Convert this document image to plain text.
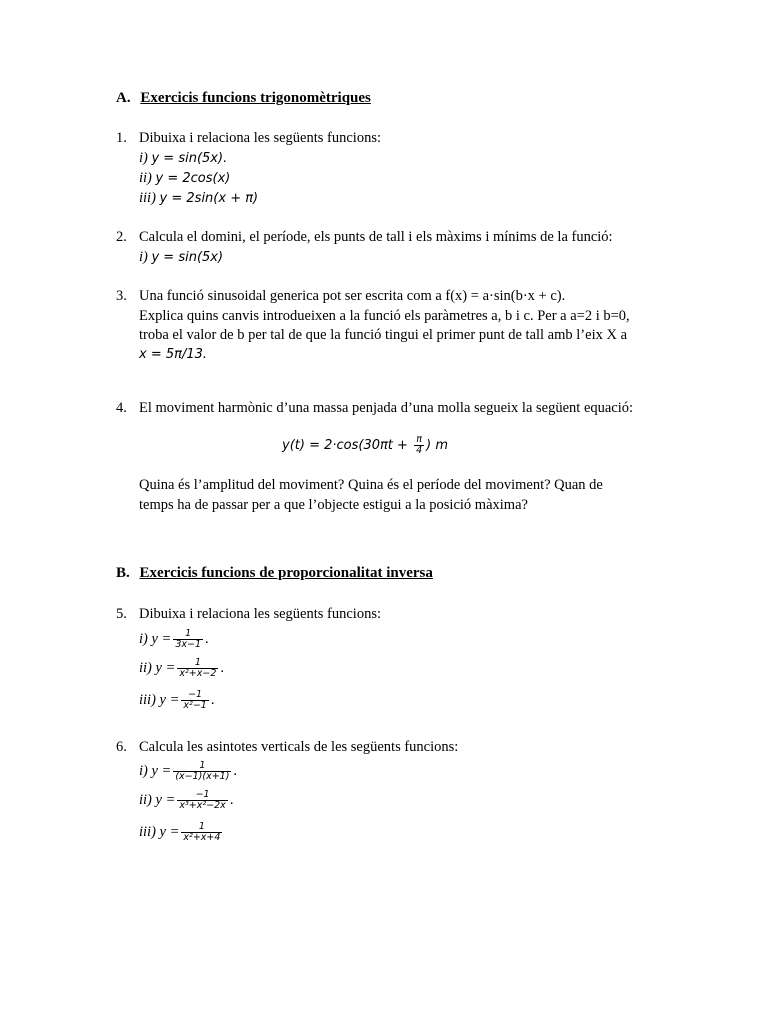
A. Exercicis funcions trigonomètriques
1. Dibuixa i relaciona les següents funcions:
i) y = sin(5x).
ii) y = 2cos(x)
iii) y = 2sin(x + π)
2. Calcula el domini, el període, els punts de tall i els màxims i mínims de la funció:
i) y = sin(5x)
3. Una funció sinusoidal generica pot ser escrita com a f(x) = a·sin(b·x + c).
Explica quins canvis introdueixen a la funció els paràmetres a, b i c. Per a a=2 i b=0,
troba el valor de b per tal de que la funció tingui el primer punt de tall amb l’eix X a
x = 5π/13.
4. El moviment harmònic d’una massa penjada d’una molla segueix la següent equació:
$y(t) = 2\cdot\cos(30\pi t + \frac{\pi}{4}$ ) m
Quina és l’amplitud del moviment? Quina és el període del moviment? Quan de
temps ha de passar per a que l’objecte estigui a la posició màxima?
B. Exercicis funcions de proporcionalitat inversa
5. Dibuixa i relaciona les següents funcions:
i) $y = \frac{1}{3x-1}$ .
ii) $y = \frac{1}{\text{x²+x−2}}$ .
iii) $y = \frac{-1}{\text{x²−1}}$ .
6. Calcula les asintotes verticals de les següents funcions:
i) $y = \frac{1}{(x-1)(x+1)}$ .
ii) $y = \frac{-1}{\text{x³+x²−2x}}$ .
iii) $y = \frac{1}{\text{x²+x+4}}$
